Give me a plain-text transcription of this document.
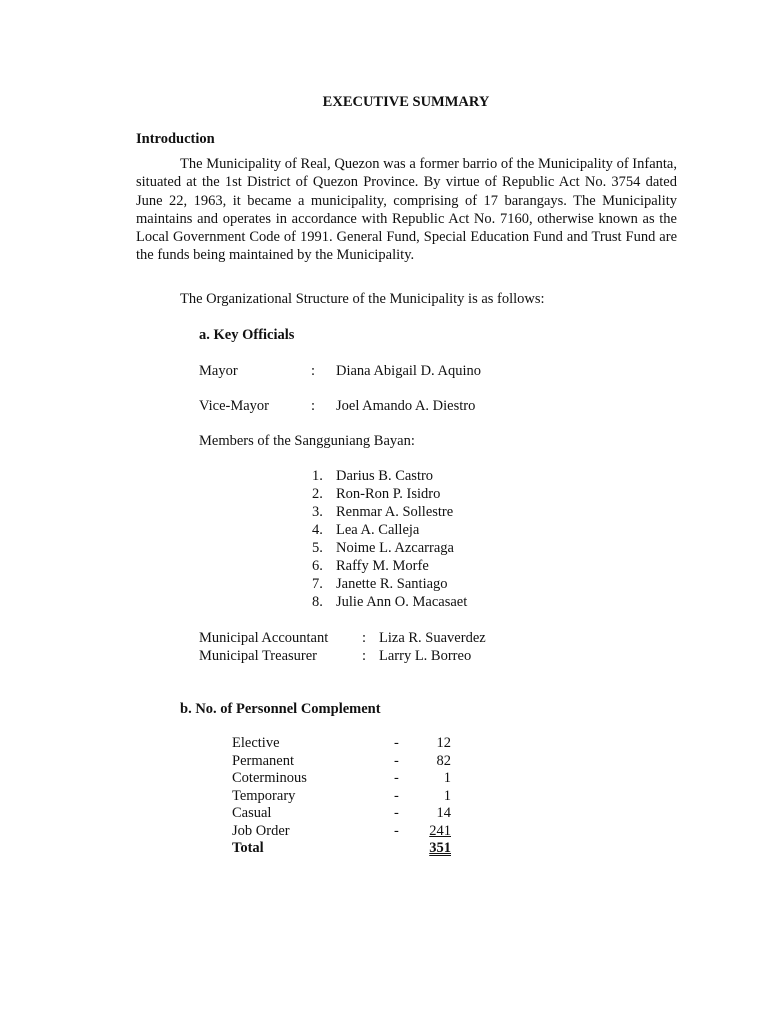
EXECUTIVE SUMMARY
Introduction

The Municipality of Real, Quezon was a former barrio of the Municipality of Infanta, situated at the 1st District of Quezon Province. By virtue of Republic Act No. 3754 dated June 22, 1963, it became a municipality, comprising of 17 barangays. The Municipality maintains and operates in accordance with Republic Act No. 7160, otherwise known as the Local Government Code of 1991. General Fund, Special Education Fund and Trust Fund are the funds being maintained by the Municipality.

The Organizational Structure of the Municipality is as follows:
a. Key Officials
Mayor	: Diana Abigail D. Aquino
Vice-Mayor	: Joel Amando A. Diestro
Members of the Sangguniang Bayan:
1. Darius B. Castro
2. Ron-Ron P. Isidro
3. Renmar A. Sollestre
4. Lea A. Calleja
5. Noime L. Azcarraga
6. Raffy M. Morfe
7. Janette R. Santiago
8. Julie Ann O. Macasaet
Municipal Accountant : Liza R. Suaverdez
Municipal Treasurer	: Larry L. Borreo
b. No. of Personnel Complement
Elective	-	12
Permanent	-	82
Coterminous	-	1
Temporary	-	1
Casual	-	14
Job Order	- 241
Total	351
